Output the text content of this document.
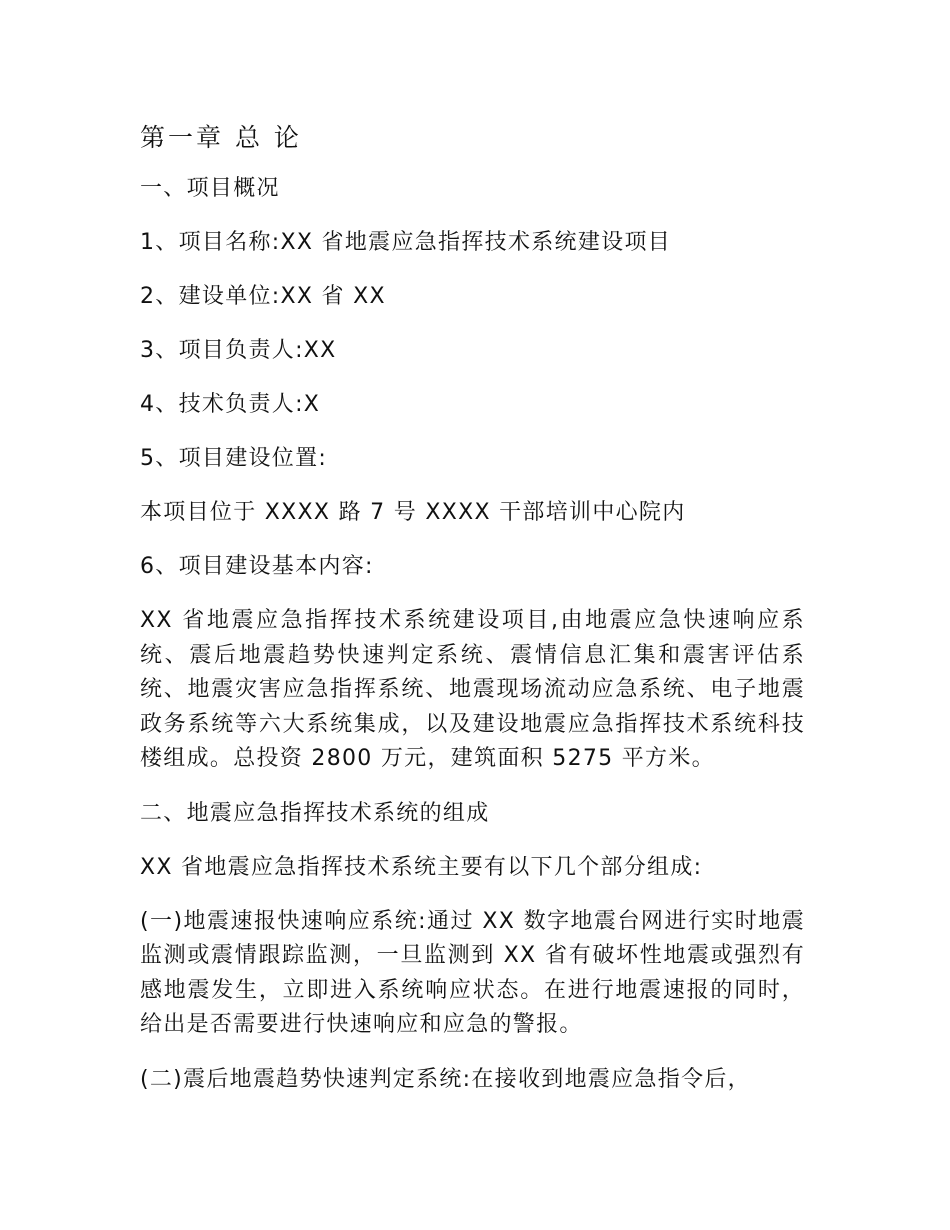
第一章 总 论

一、项目概况

1、项目名称:XX 省地震应急指挥技术系统建设项目

2、建设单位:XX 省 XX

3、项目负责人:XX

4、技术负责人:X

5、项目建设位置:

本项目位于 XXXX 路 7 号 XXXX 干部培训中心院内

6、项目建设基本内容:

XX 省地震应急指挥技术系统建设项目,由地震应急快速响应系统、震后地震趋势快速判定系统、震情信息汇集和震害评估系统、地震灾害应急指挥系统、地震现场流动应急系统、电子地震政务系统等六大系统集成，以及建设地震应急指挥技术系统科技楼组成。总投资 2800 万元，建筑面积 5275 平方米。

二、地震应急指挥技术系统的组成

XX 省地震应急指挥技术系统主要有以下几个部分组成:

(一)地震速报快速响应系统:通过 XX 数字地震台网进行实时地震监测或震情跟踪监测，一旦监测到 XX 省有破坏性地震或强烈有感地震发生，立即进入系统响应状态。在进行地震速报的同时，给出是否需要进行快速响应和应急的警报。

(二)震后地震趋势快速判定系统:在接收到地震应急指令后，
